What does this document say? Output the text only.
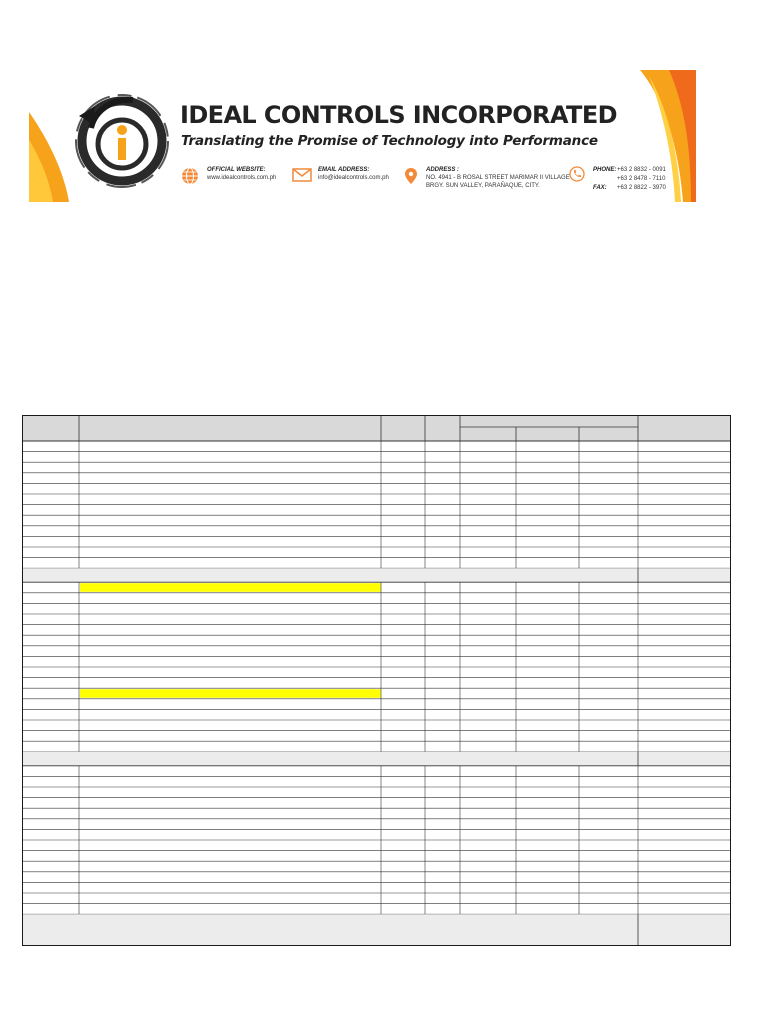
IDEAL CONTROLS INCORPORATED

Translating the Promise of Technology into Performance

OFFICIAL WEBSITE:
www.idealcontrols.com.ph
EMAIL ADDRESS:
info@idealcontrols.com.ph
ADDRESS :
NO. 4941 - B ROSAL STREET MARIMAR II VILLAGE
BRGY. SUN VALLEY, PARAÑAQUE, CITY.
PHONE: +63 2 8832 - 0091
+63 2 8478 - 7110
FAX: +63 2 8822 - 3970
